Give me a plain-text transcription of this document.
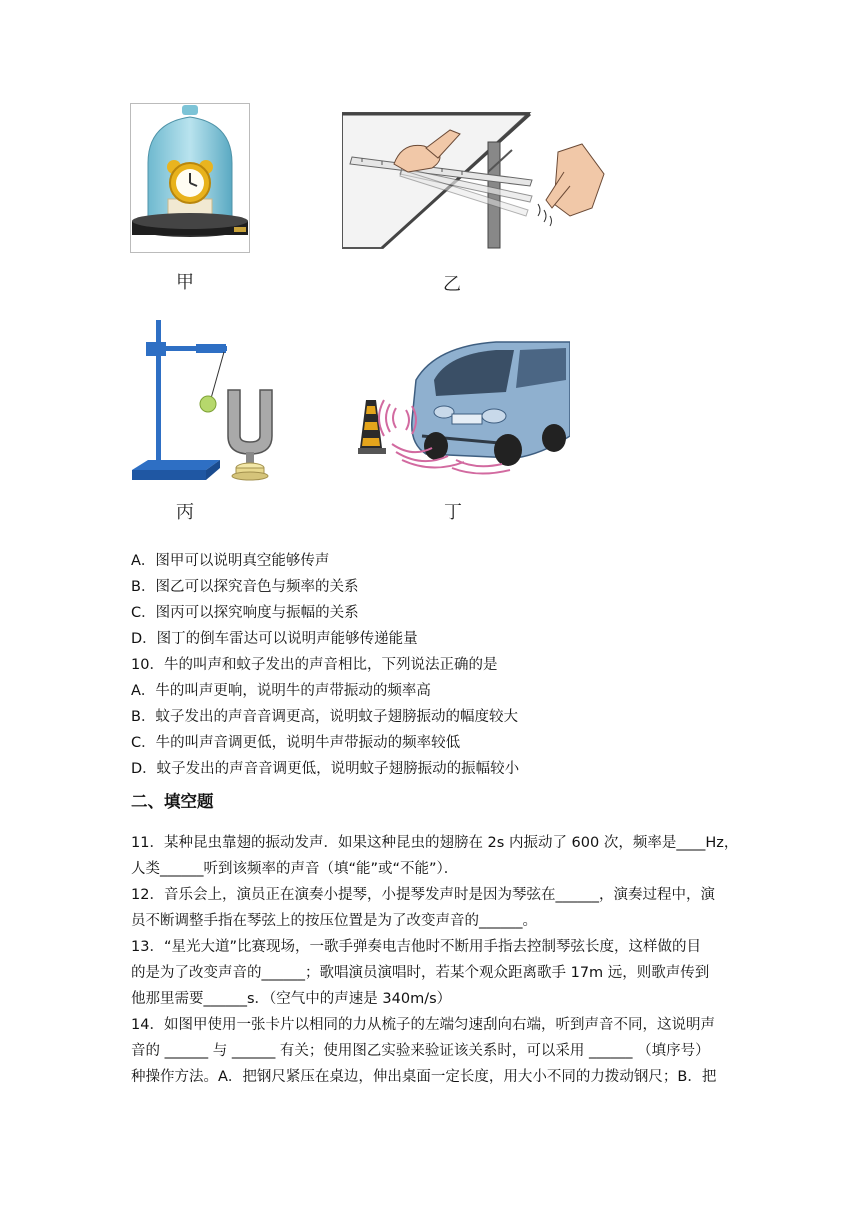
甲	乙
丙	丁
A．图甲可以说明真空能够传声
B．图乙可以探究音色与频率的关系
C．图丙可以探究响度与振幅的关系
D．图丁的倒车雷达可以说明声能够传递能量
10．牛的叫声和蚊子发出的声音相比，下列说法正确的是
A．牛的叫声更响，说明牛的声带振动的频率高
B．蚊子发出的声音音调更高，说明蚊子翅膀振动的幅度较大
C．牛的叫声音调更低，说明牛声带振动的频率较低
D．蚊子发出的声音音调更低，说明蚊子翅膀振动的振幅较小
二、填空题
11．某种昆虫靠翅的振动发声．如果这种昆虫的翅膀在 2s 内振动了 600 次，频率是____Hz，
人类______听到该频率的声音（填“能”或“不能”）．
12．音乐会上，演员正在演奏小提琴，小提琴发声时是因为琴弦在______，演奏过程中，演
员不断调整手指在琴弦上的按压位置是为了改变声音的______。
13．“星光大道”比赛现场，一歌手弹奏电吉他时不断用手指去控制琴弦长度，这样做的目
的是为了改变声音的______；歌唱演员演唱时，若某个观众距离歌手 17m 远，则歌声传到
他那里需要______s．（空气中的声速是 340m/s）
14．如图甲使用一张卡片以相同的力从梳子的左端匀速刮向右端，听到声音不同，这说明声
音的 ______ 与 ______ 有关；使用图乙实验来验证该关系时，可以采用 ______ （填序号）
种操作方法。A．把钢尺紧压在桌边，伸出桌面一定长度，用大小不同的力拨动钢尺；B．把
